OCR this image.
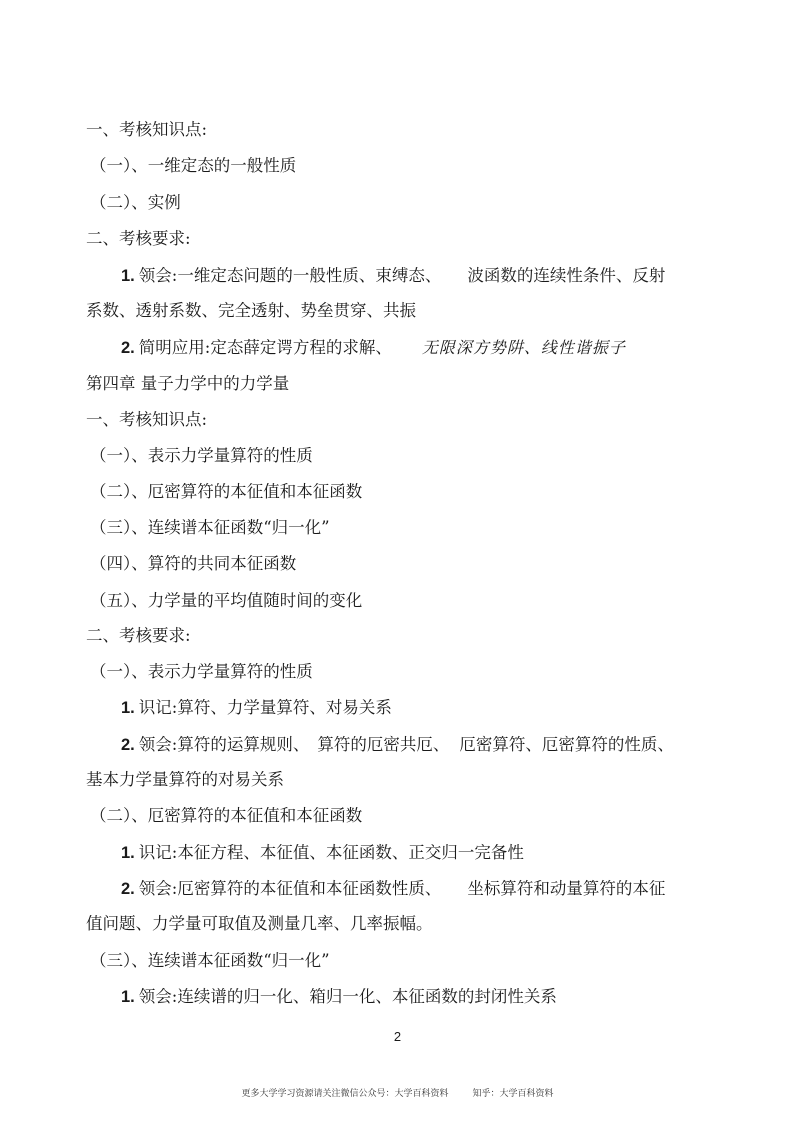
一、考核知识点:
（一）、一维定态的一般性质
（二）、实例
二、考核要求:
1. 领会:一维定态问题的一般性质、束缚态、 波函数的连续性条件、反射
系数、透射系数、完全透射、势垒贯穿、共振
2. 简明应用:定态薛定谔方程的求解、 无限深方势阱、线性谐振子
第四章 量子力学中的力学量
一、考核知识点:
（一）、表示力学量算符的性质
（二）、厄密算符的本征值和本征函数
（三）、连续谱本征函数“归一化”
（四）、算符的共同本征函数
（五）、力学量的平均值随时间的变化
二、考核要求:
（一）、表示力学量算符的性质
1. 识记:算符、力学量算符、对易关系
2. 领会:算符的运算规则、 算符的厄密共厄、 厄密算符、厄密算符的性质、
基本力学量算符的对易关系
（二）、厄密算符的本征值和本征函数
1. 识记:本征方程、本征值、本征函数、正交归一完备性
2. 领会:厄密算符的本征值和本征函数性质、 坐标算符和动量算符的本征
值问题、力学量可取值及测量几率、几率振幅。
（三）、连续谱本征函数“归一化”
1. 领会:连续谱的归一化、箱归一化、本征函数的封闭性关系
2
更多大学学习资源请关注微信公众号：大学百科资料	知乎：大学百科资料
